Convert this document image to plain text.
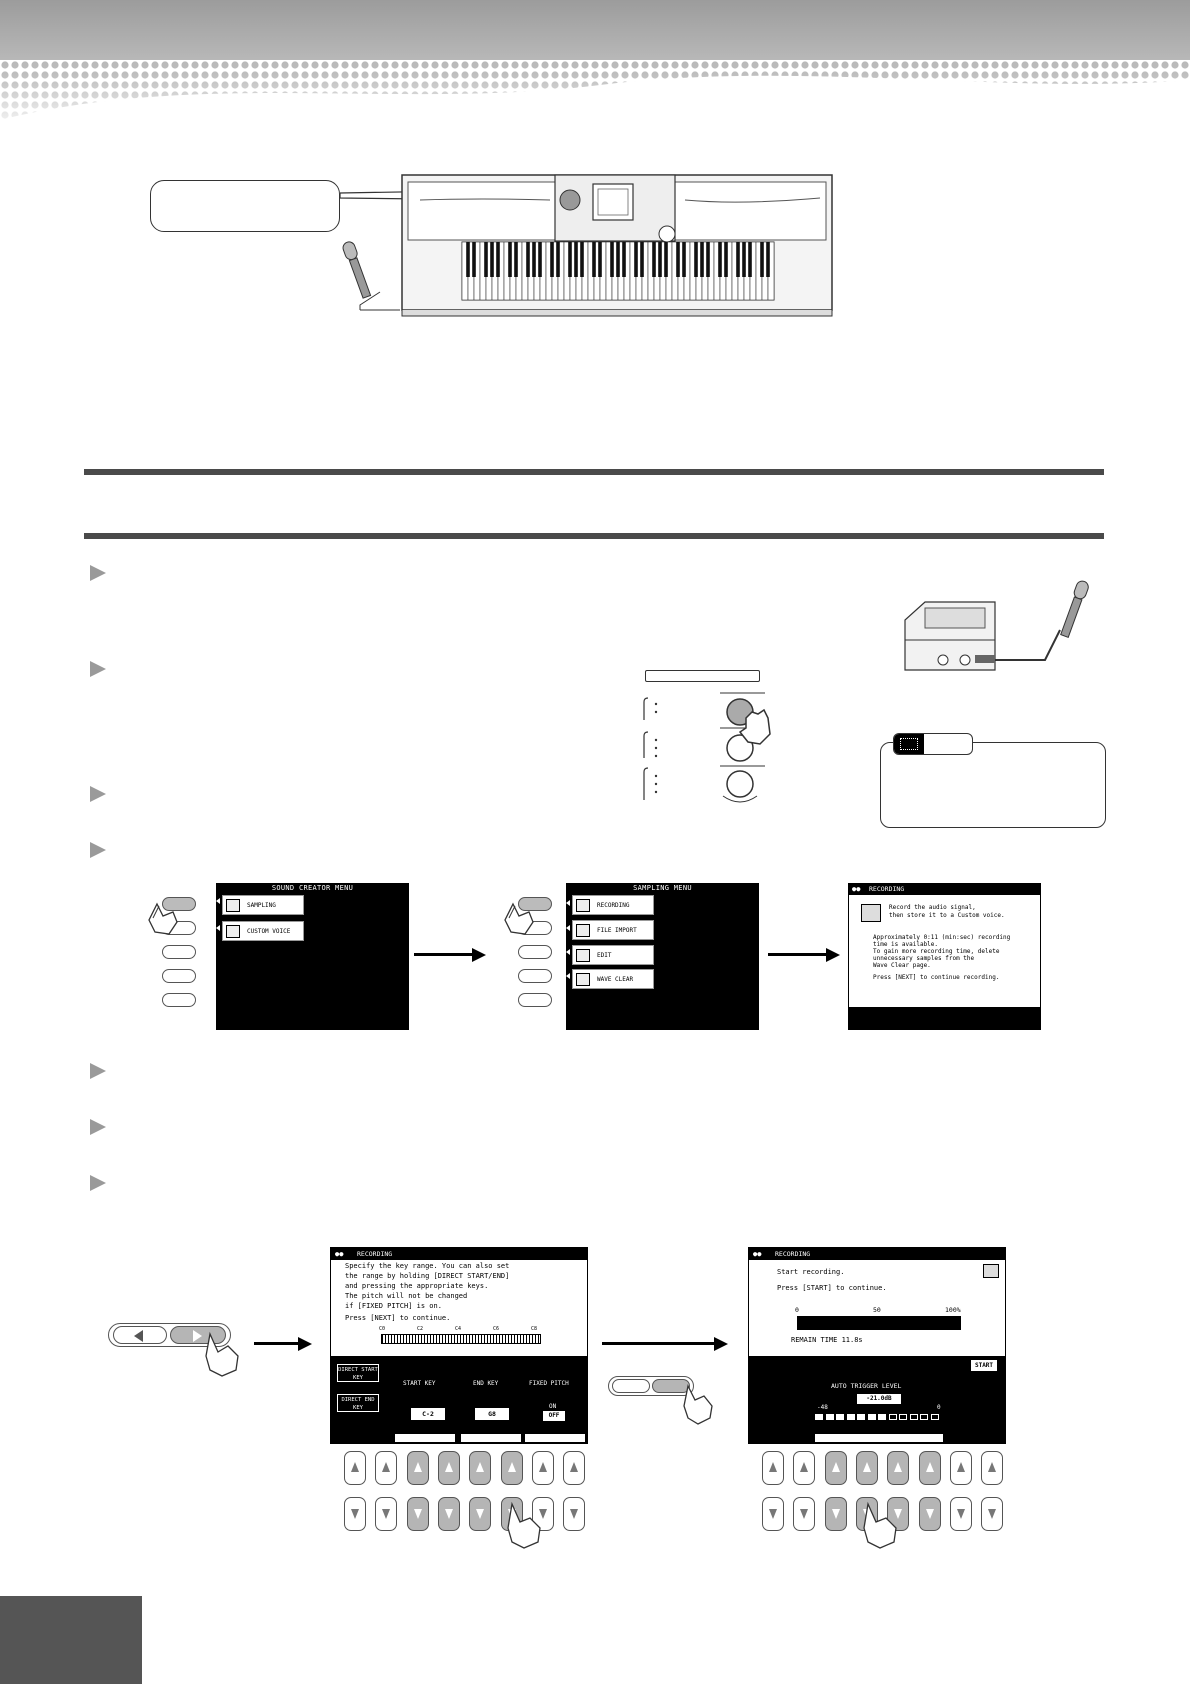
SOUND CREATOR MENU
SAMPLING
CUSTOM VOICE
SAMPLING MENU
RECORDING
FILE IMPORT
EDIT
WAVE CLEAR
●●	RECORDING
Record the audio signal,
then store it to a Custom voice.
Approximately 0:11 (min:sec) recording
time is available.
To gain more recording time, delete
unnecessary samples from the
Wave Clear page.
Press [NEXT] to continue recording.
●● RECORDING
Specify the key range. You can also set
the range by holding [DIRECT START/END]
and pressing the appropriate keys.
The pitch will not be changed
if [FIXED PITCH] is on.
Press [NEXT] to continue.
C0	C2	C4	C6	C8
DIRECT START KEY
DIRECT END KEY
START KEY	END KEY	FIXED PITCH
C-2	G8
ON
OFF
●● RECORDING
Start recording.
Press [START] to continue.
0	50	100%
REMAIN TIME 11.8s
START
AUTO TRIGGER LEVEL
-21.0dB
-48	0
